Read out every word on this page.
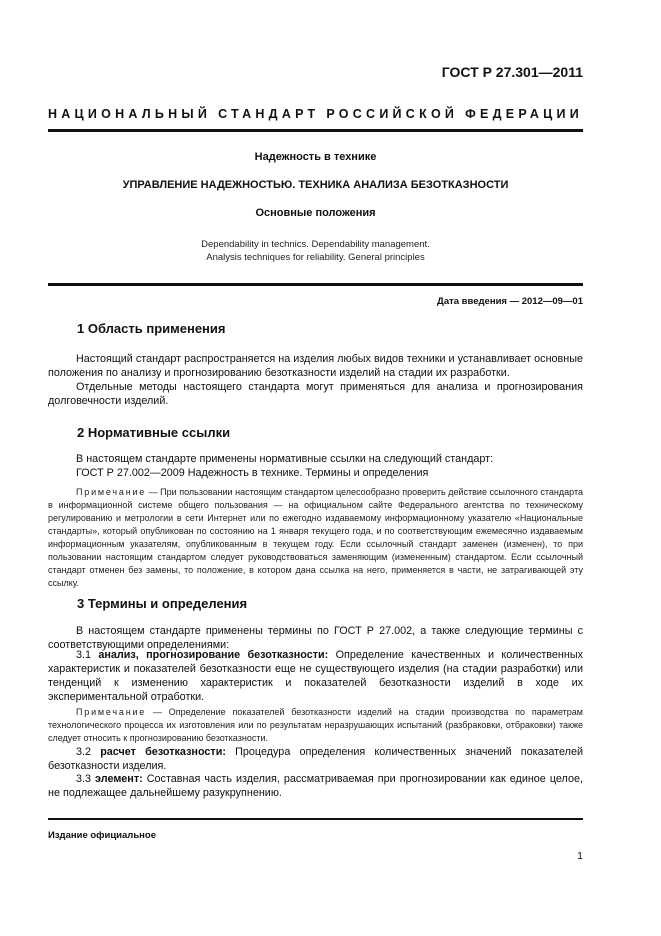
ГОСТ Р 27.301—2011
НАЦИОНАЛЬНЫЙ СТАНДАРТ РОССИЙСКОЙ ФЕДЕРАЦИИ
Надежность в технике
УПРАВЛЕНИЕ НАДЕЖНОСТЬЮ. ТЕХНИКА АНАЛИЗА БЕЗОТКАЗНОСТИ
Основные положения
Dependability in technics. Dependability management.
Analysis techniques for reliability. General principles
Дата введения — 2012—09—01
1 Область применения
Настоящий стандарт распространяется на изделия любых видов техники и устанавливает основные положения по анализу и прогнозированию безотказности изделий на стадии их разработки.
Отдельные методы настоящего стандарта могут применяться для анализа и прогнозирования долговечности изделий.
2 Нормативные ссылки
В настоящем стандарте применены нормативные ссылки на следующий стандарт:
ГОСТ Р 27.002—2009 Надежность в технике. Термины и определения
Примечание — При пользовании настоящим стандартом целесообразно проверить действие ссылочного стандарта в информационной системе общего пользования — на официальном сайте Федерального агентства по техническому регулированию и метрологии в сети Интернет или по ежегодно издаваемому информационному указателю «Национальные стандарты», который опубликован по состоянию на 1 января текущего года, и по соответствующим ежемесячно издаваемым информационным указателям, опубликованным в текущем году. Если ссылочный стандарт заменен (изменен), то при пользовании настоящим стандартом следует руководствоваться заменяющим (измененным) стандартом. Если ссылочный стандарт отменен без замены, то положение, в котором дана ссылка на него, применяется в части, не затрагивающей эту ссылку.
3 Термины и определения
В настоящем стандарте применены термины по ГОСТ Р 27.002, а также следующие термины с соответствующими определениями:
3.1 анализ, прогнозирование безотказности: Определение качественных и количественных характеристик и показателей безотказности еще не существующего изделия (на стадии разработки) или тенденций к изменению характеристик и показателей безотказности изделий в ходе их экспериментальной отработки.
Примечание — Определение показателей безотказности изделий на стадии производства по параметрам технологического процесса их изготовления или по результатам неразрушающих испытаний (разбраковки, отбраковки) также следует относить к прогнозированию безотказности.
3.2 расчет безотказности: Процедура определения количественных значений показателей безотказности изделия.
3.3 элемент: Составная часть изделия, рассматриваемая при прогнозировании как единое целое, не подлежащее дальнейшему разукрупнению.
Издание официальное
1
